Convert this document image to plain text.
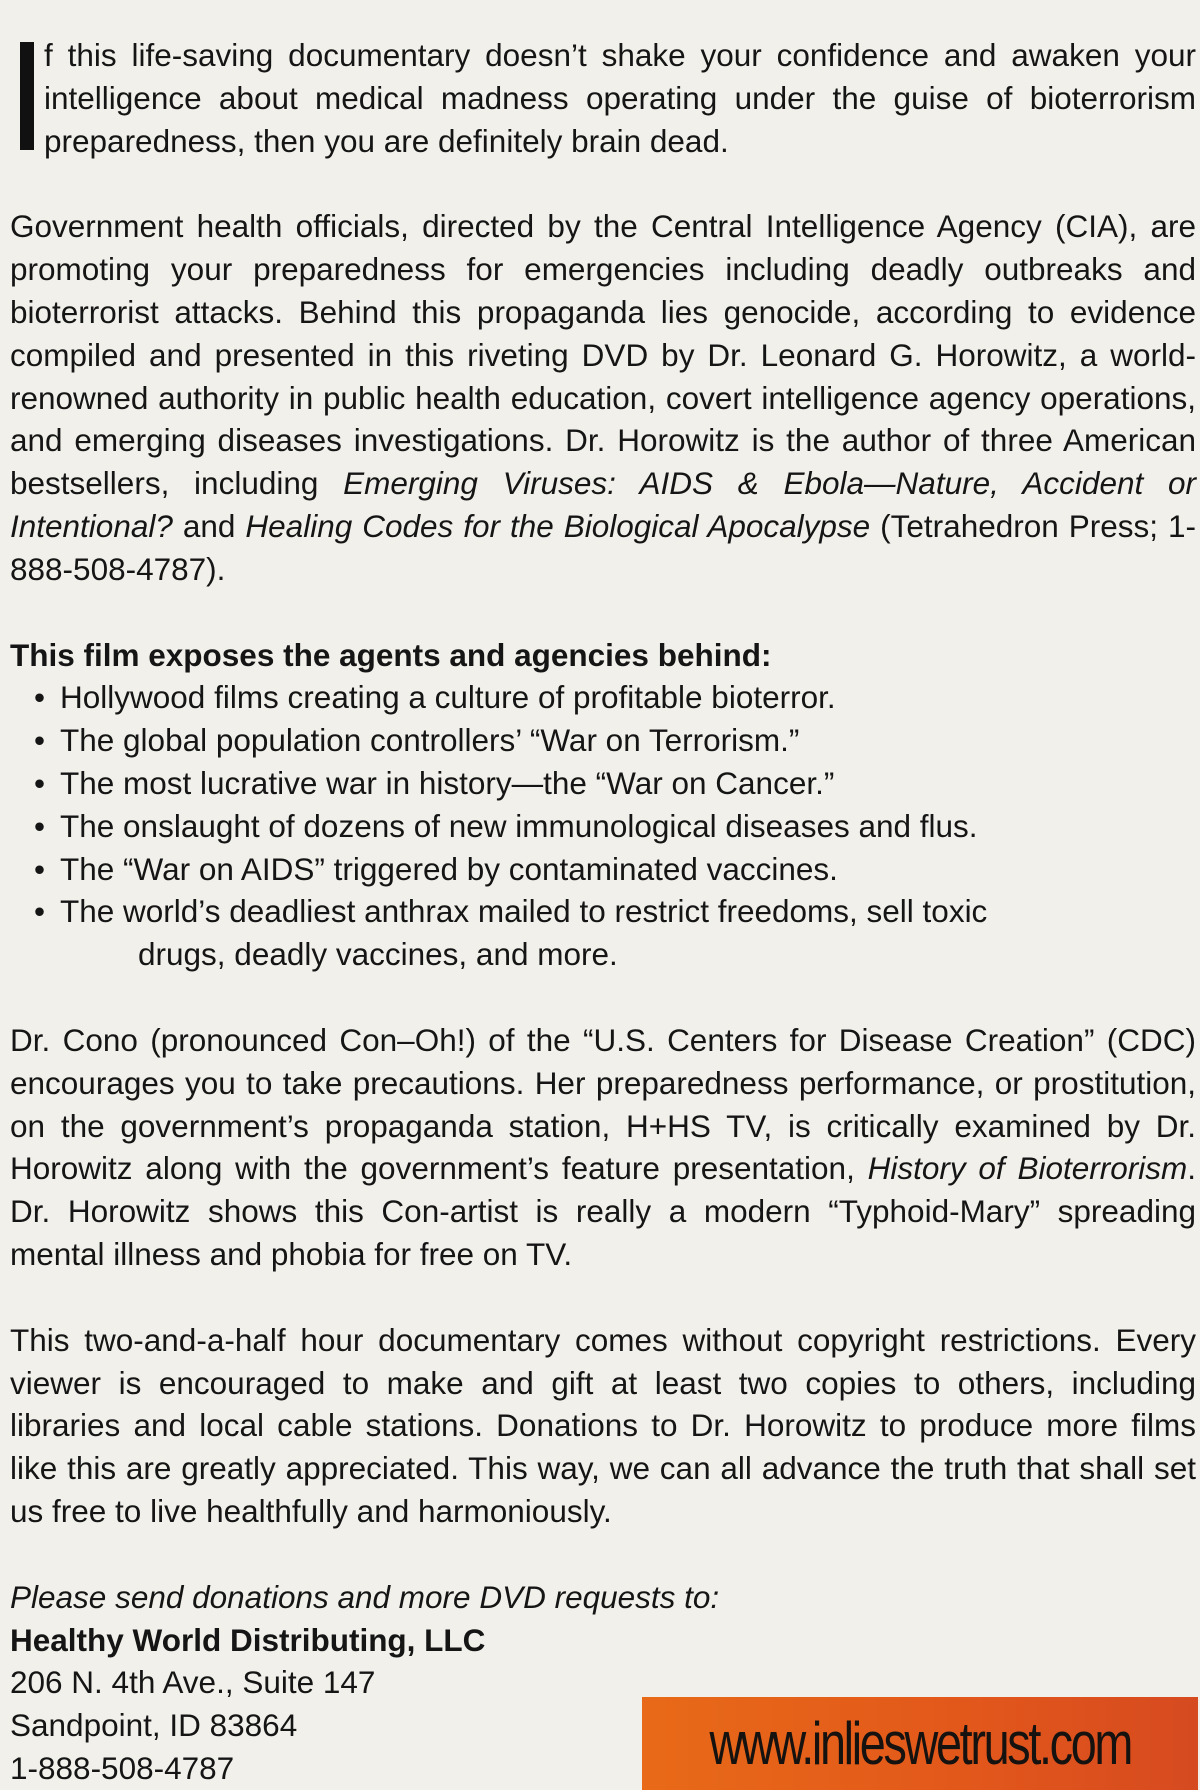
f this life-saving documentary doesn’t shake your confidence and awaken your intelligence about medical madness operating under the guise of bioterrorism preparedness, then you are definitely brain dead.

Government health officials, directed by the Central Intelligence Agency (CIA), are promoting your preparedness for emergencies including deadly outbreaks and bioterrorist attacks. Behind this propaganda lies genocide, according to evidence compiled and presented in this riveting DVD by Dr. Leonard G. Horowitz, a world-renowned authority in public health education, covert intelligence agency operations, and emerging diseases investigations. Dr. Horowitz is the author of three American bestsellers, including Emerging Viruses: AIDS & Ebola—Nature, Accident or Intentional? and Healing Codes for the Biological Apocalypse (Tetrahedron Press; 1-888-508-4787).

This film exposes the agents and agencies behind:

• Hollywood films creating a culture of profitable bioterror.
• The global population controllers’ “War on Terrorism.”
• The most lucrative war in history—the “War on Cancer.”
• The onslaught of dozens of new immunological diseases and flus.
• The “War on AIDS” triggered by contaminated vaccines.
• The world’s deadliest anthrax mailed to restrict freedoms, sell toxic
drugs, deadly vaccines, and more.

Dr. Cono (pronounced Con–Oh!) of the “U.S. Centers for Disease Creation” (CDC) encourages you to take precautions. Her preparedness performance, or prostitution, on the government’s propaganda station, H+HS TV, is critically examined by Dr. Horowitz along with the government’s feature presentation, History of Bioterrorism. Dr. Horowitz shows this Con-artist is really a modern “Typhoid-Mary” spreading mental illness and phobia for free on TV.

This two-and-a-half hour documentary comes without copyright restrictions. Every viewer is encouraged to make and gift at least two copies to others, including libraries and local cable stations. Donations to Dr. Horowitz to produce more films like this are greatly appreciated. This way, we can all advance the truth that shall set us free to live healthfully and harmoniously.

Please send donations and more DVD requests to:
Healthy World Distributing, LLC
206 N. 4th Ave., Suite 147
Sandpoint, ID 83864
1-888-508-4787	www.inlieswetrust.com
